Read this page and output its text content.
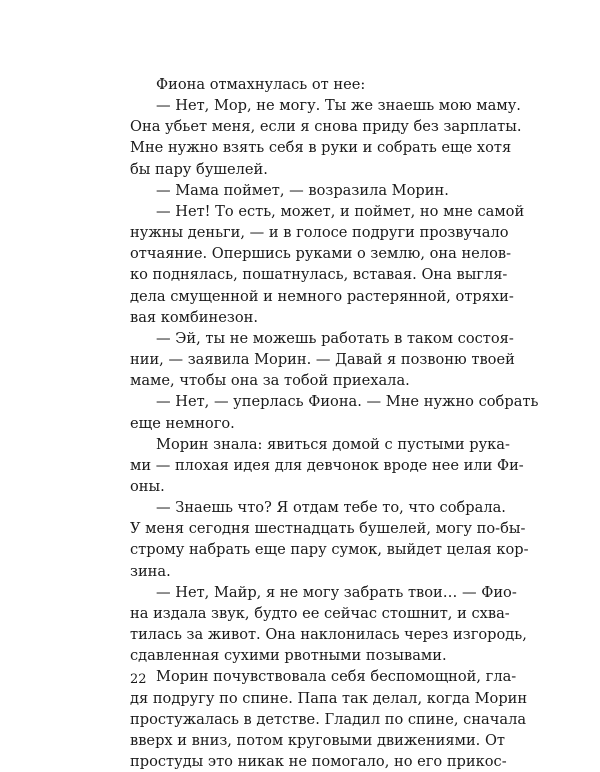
Фиона отмахнулась от нее:
— Нет, Мор, не могу. Ты же знаешь мою маму.
Она убьет меня, если я снова приду без зарплаты.
Мне нужно взять себя в руки и собрать еще хотя
бы пару бушелей.
— Мама поймет, — возразила Морин.
— Нет! То есть, может, и поймет, но мне самой
нужны деньги, — и в голосе подруги прозвучало
отчаяние. Опершись руками о землю, она нелов-
ко поднялась, пошатнулась, вставая. Она выгля-
дела смущенной и немного растерянной, отряхи-
вая комбинезон.
— Эй, ты не можешь работать в таком состоя-
нии, — заявила Морин. — Давай я позвоню твоей
маме, чтобы она за тобой приехала.
— Нет, — уперлась Фиона. — Мне нужно собрать
еще немного.
Морин знала: явиться домой с пустыми рука-
ми — плохая идея для девчонок вроде нее или Фи-
оны.
— Знаешь что? Я отдам тебе то, что собрала.
У меня сегодня шестнадцать бушелей, могу по-бы-
строму набрать еще пару сумок, выйдет целая кор-
зина.
— Нет, Майр, я не могу забрать твои… — Фио-
на издала звук, будто ее сейчас стошнит, и схва-
тилась за живот. Она наклонилась через изгородь,
сдавленная сухими рвотными позывами.
Морин почувствовала себя беспомощной, гла-
дя подругу по спине. Папа так делал, когда Морин
простужалась в детстве. Гладил по спине, сначала
вверх и вниз, потом круговыми движениями. От
простуды это никак не помогало, но его прикос-
22
